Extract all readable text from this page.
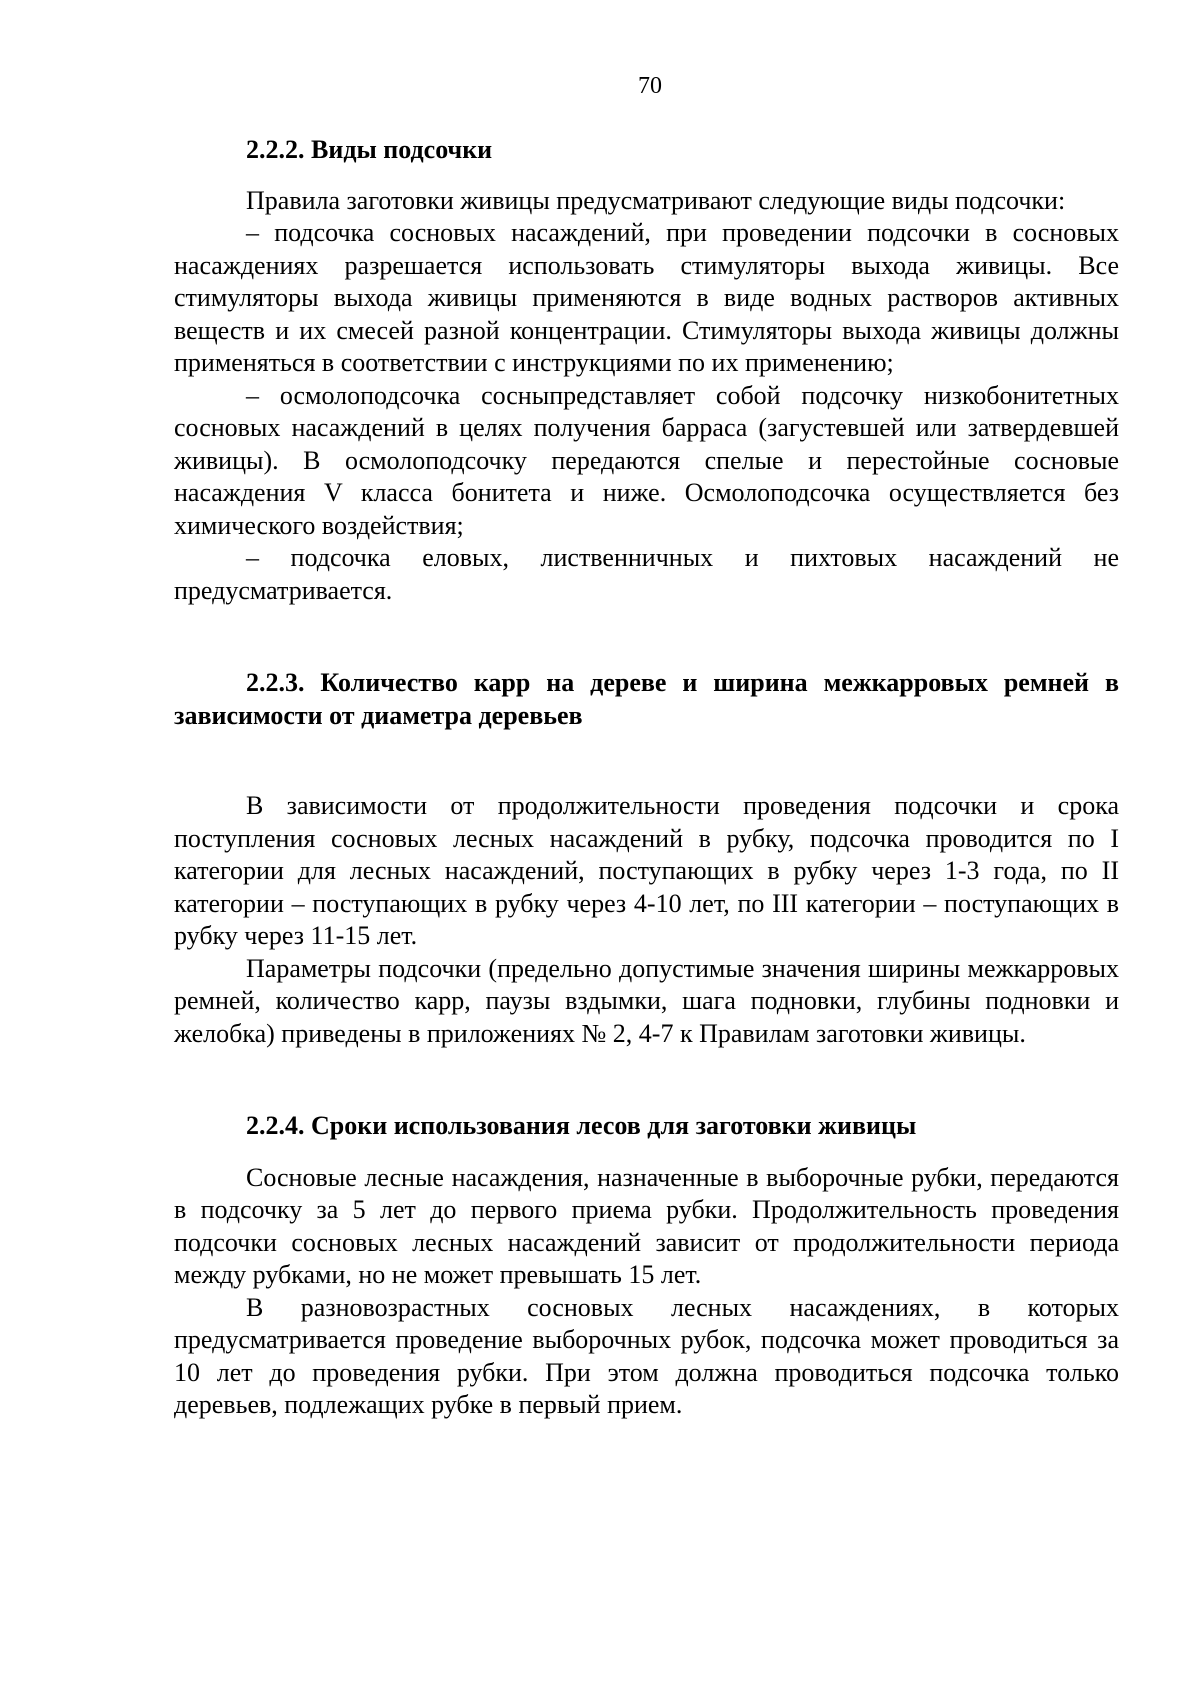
70

2.2.2. Виды подсочки

Правила заготовки живицы предусматривают следующие виды подсочки:

– подсочка сосновых насаждений, при проведении подсочки в сосновых насаждениях разрешается использовать стимуляторы выхода живицы. Все стимуляторы выхода живицы применяются в виде водных растворов активных веществ и их смесей разной концентрации. Стимуляторы выхода живицы должны применяться в соответствии с инструкциями по их применению;

– осмолоподсочка сосныпредставляет собой подсочку низкобонитетных сосновых насаждений в целях получения барраса (загустевшей или затвердевшей живицы). В осмолоподсочку передаются спелые и перестойные сосновые насаждения V класса бонитета и ниже. Осмолоподсочка осуществляется без химического воздействия;

– подсочка еловых, лиственничных и пихтовых насаждений не предусматривается.

2.2.3. Количество карр на дереве и ширина межкарровых ремней в зависимости от диаметра деревьев

В зависимости от продолжительности проведения подсочки и срока поступления сосновых лесных насаждений в рубку, подсочка проводится по I категории для лесных насаждений, поступающих в рубку через 1-3 года, по II категории – поступающих в рубку через 4-10 лет, по III категории – поступающих в рубку через 11-15 лет.

Параметры подсочки (предельно допустимые значения ширины межкарровых ремней, количество карр, паузы вздымки, шага подновки, глубины подновки и желобка) приведены в приложениях № 2, 4-7 к Правилам заготовки живицы.

2.2.4. Сроки использования лесов для заготовки живицы

Сосновые лесные насаждения, назначенные в выборочные рубки, передаются в подсочку за 5 лет до первого приема рубки. Продолжительность проведения подсочки сосновых лесных насаждений зависит от продолжительности периода между рубками, но не может превышать 15 лет.

В разновозрастных сосновых лесных насаждениях, в которых предусматривается проведение выборочных рубок, подсочка может проводиться за 10 лет до проведения рубки. При этом должна проводиться подсочка только деревьев, подлежащих рубке в первый прием.
